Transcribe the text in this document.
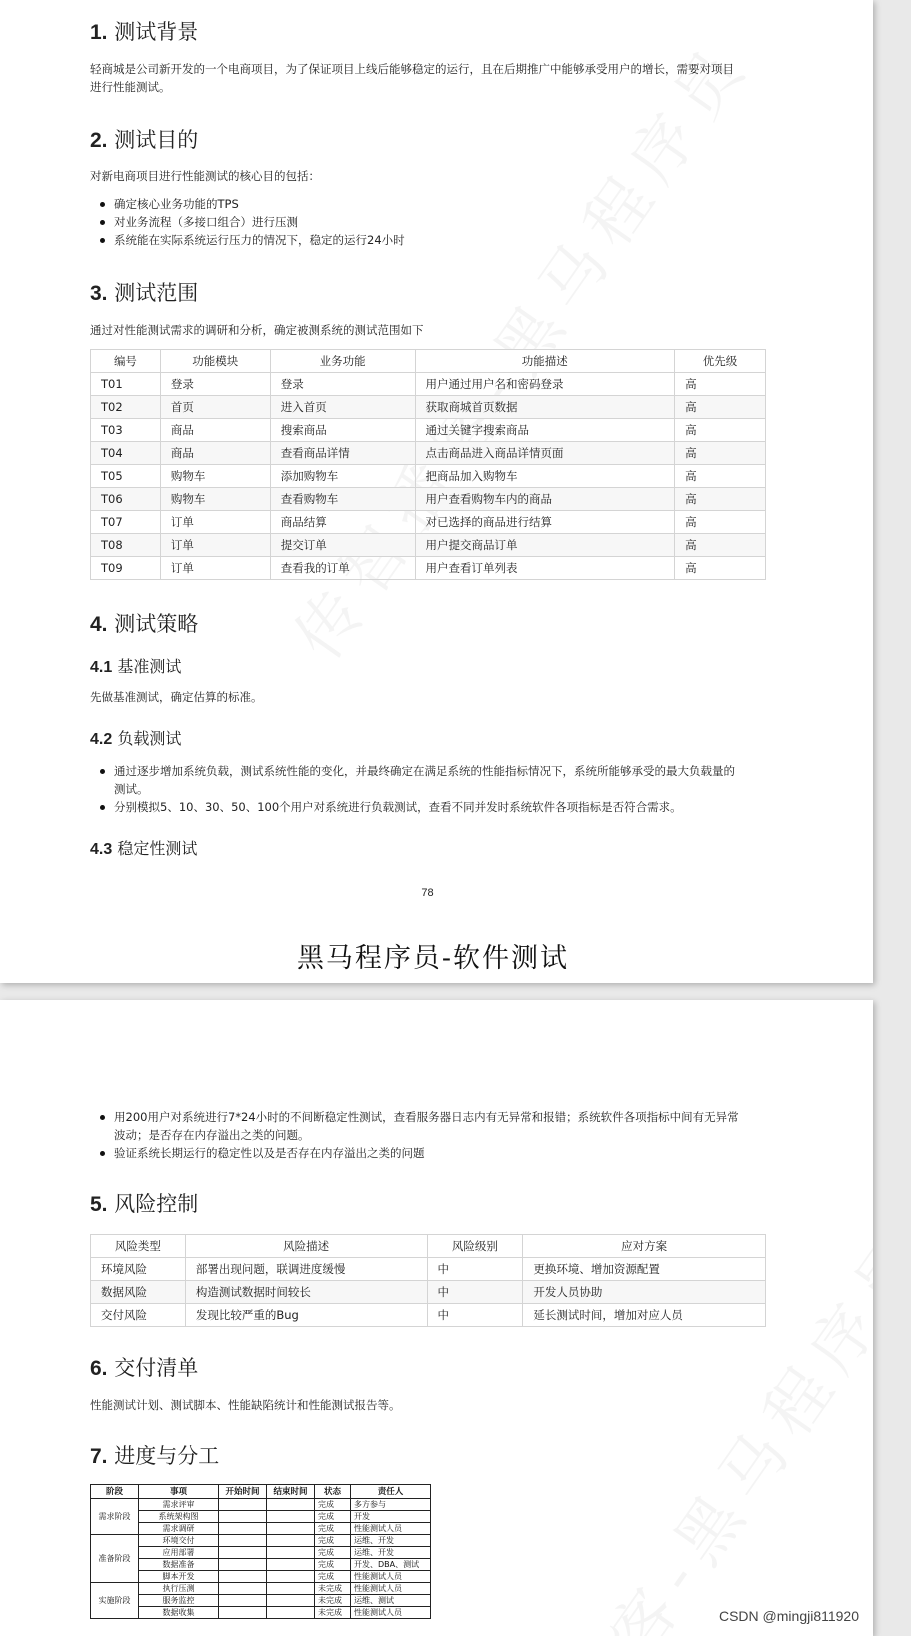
1. 测试背景

轻商城是公司新开发的一个电商项目，为了保证项目上线后能够稳定的运行，且在后期推广中能够承受用户的增长，需要对项目
进行性能测试。

2. 测试目的

对新电商项目进行性能测试的核心目的包括：

确定核心业务功能的TPS
对业务流程（多接口组合）进行压测
系统能在实际系统运行压力的情况下，稳定的运行24小时
3. 测试范围

通过对性能测试需求的调研和分析，确定被测系统的测试范围如下

编号	功能模块	业务功能	功能描述	优先级
T01	登录	登录	用户通过用户名和密码登录	高
T02	首页	进入首页	获取商城首页数据	高
T03	商品	搜索商品	通过关键字搜索商品	高
T04	商品	查看商品详情	点击商品进入商品详情页面	高
T05	购物车	添加购物车	把商品加入购物车	高
T06	购物车	查看购物车	用户查看购物车内的商品	高
T07	订单	商品结算	对已选择的商品进行结算	高
T08	订单	提交订单	用户提交商品订单	高
T09	订单	查看我的订单	用户查看订单列表	高
4. 测试策略
4.1 基准测试

先做基准测试，确定估算的标准。

4.2 负载测试
通过逐步增加系统负载，测试系统性能的变化，并最终确定在满足系统的性能指标情况下，系统所能够承受的最大负载量的
测试。
分别模拟5、10、30、50、100个用户对系统进行负载测试，查看不同并发时系统软件各项指标是否符合需求。
4.3 稳定性测试
78
黑马程序员-软件测试
用200用户对系统进行7*24小时的不间断稳定性测试，查看服务器日志内有无异常和报错；系统软件各项指标中间有无异常
波动；是否存在内存溢出之类的问题。
验证系统长期运行的稳定性以及是否存在内存溢出之类的问题
5. 风险控制
风险类型	风险描述	风险级别	应对方案
环境风险	部署出现问题，联调进度缓慢	中	更换环境、增加资源配置
数据风险	构造测试数据时间较长	中	开发人员协助
交付风险	发现比较严重的Bug	中	延长测试时间，增加对应人员
6. 交付清单

性能测试计划、测试脚本、性能缺陷统计和性能测试报告等。

7. 进度与分工
阶段	事项	开始时间	结束时间	状态	责任人
需求阶段	需求评审			完成	多方参与
	系统架构图			完成	开发
	需求调研			完成	性能测试人员
准备阶段	环境交付			完成	运维、开发
	应用部署			完成	运维、开发
	数据准备			完成	开发、DBA、测试
	脚本开发			完成	性能测试人员
实施阶段	执行压测			未完成	性能测试人员
	服务监控			未完成	运维、测试
	数据收集			未完成	性能测试人员	CSDN @mingji811920
